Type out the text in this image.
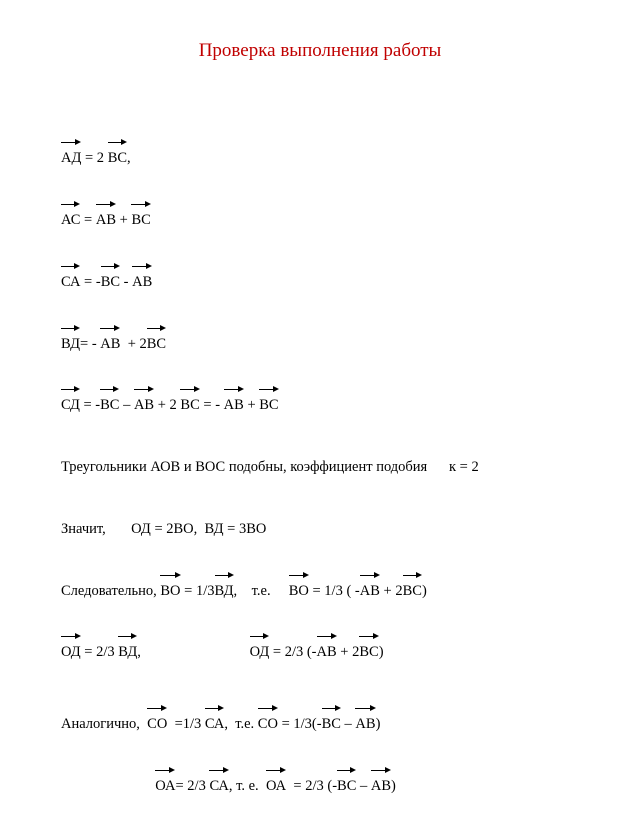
Проверка выполнения работы

АД = 2 ВС,

АС = АВ + ВС

СА = -ВС - АВ

ВД= - АВ  + 2ВС

СД = -ВС – АВ + 2 ВС = - АВ + ВС

Треугольники АОВ и ВОС подобны, коэффициент подобия      к = 2

Значит,       ОД = 2ВО,  ВД = 3ВО

Следовательно, ВО = 1/3ВД,    т.е.     ВО = 1/3 ( -АВ + 2ВС)

ОД = 2/3 ВД,                              ОД = 2/3 (-АВ + 2ВС)

Аналогично,  СО  =1/3 СА,  т.е. СО = 1/3(-ВС – АВ)

ОА= 2/3 СА, т. е.  ОА  = 2/3 (-ВС – АВ)
